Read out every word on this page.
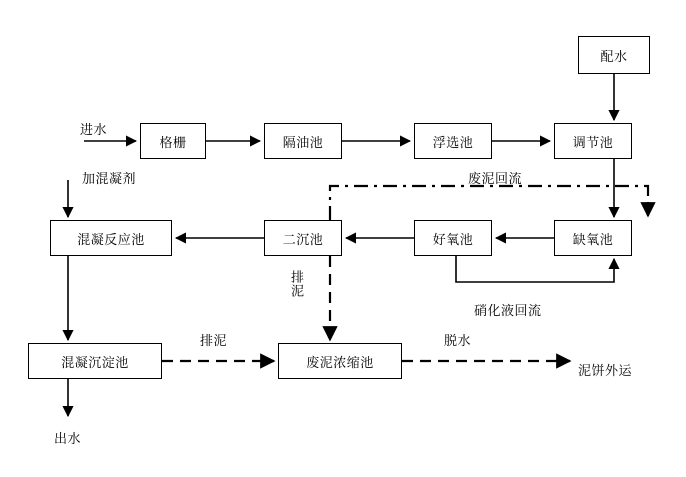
配水
格栅	隔油池	浮选池	调节池
缺氧池
好氧池
二沉池
混凝反应池
混凝沉淀池	废泥浓缩池
进水
加混凝剂	废泥回流
排泥
硝化液回流
排泥	脱水
泥饼外运
出水
